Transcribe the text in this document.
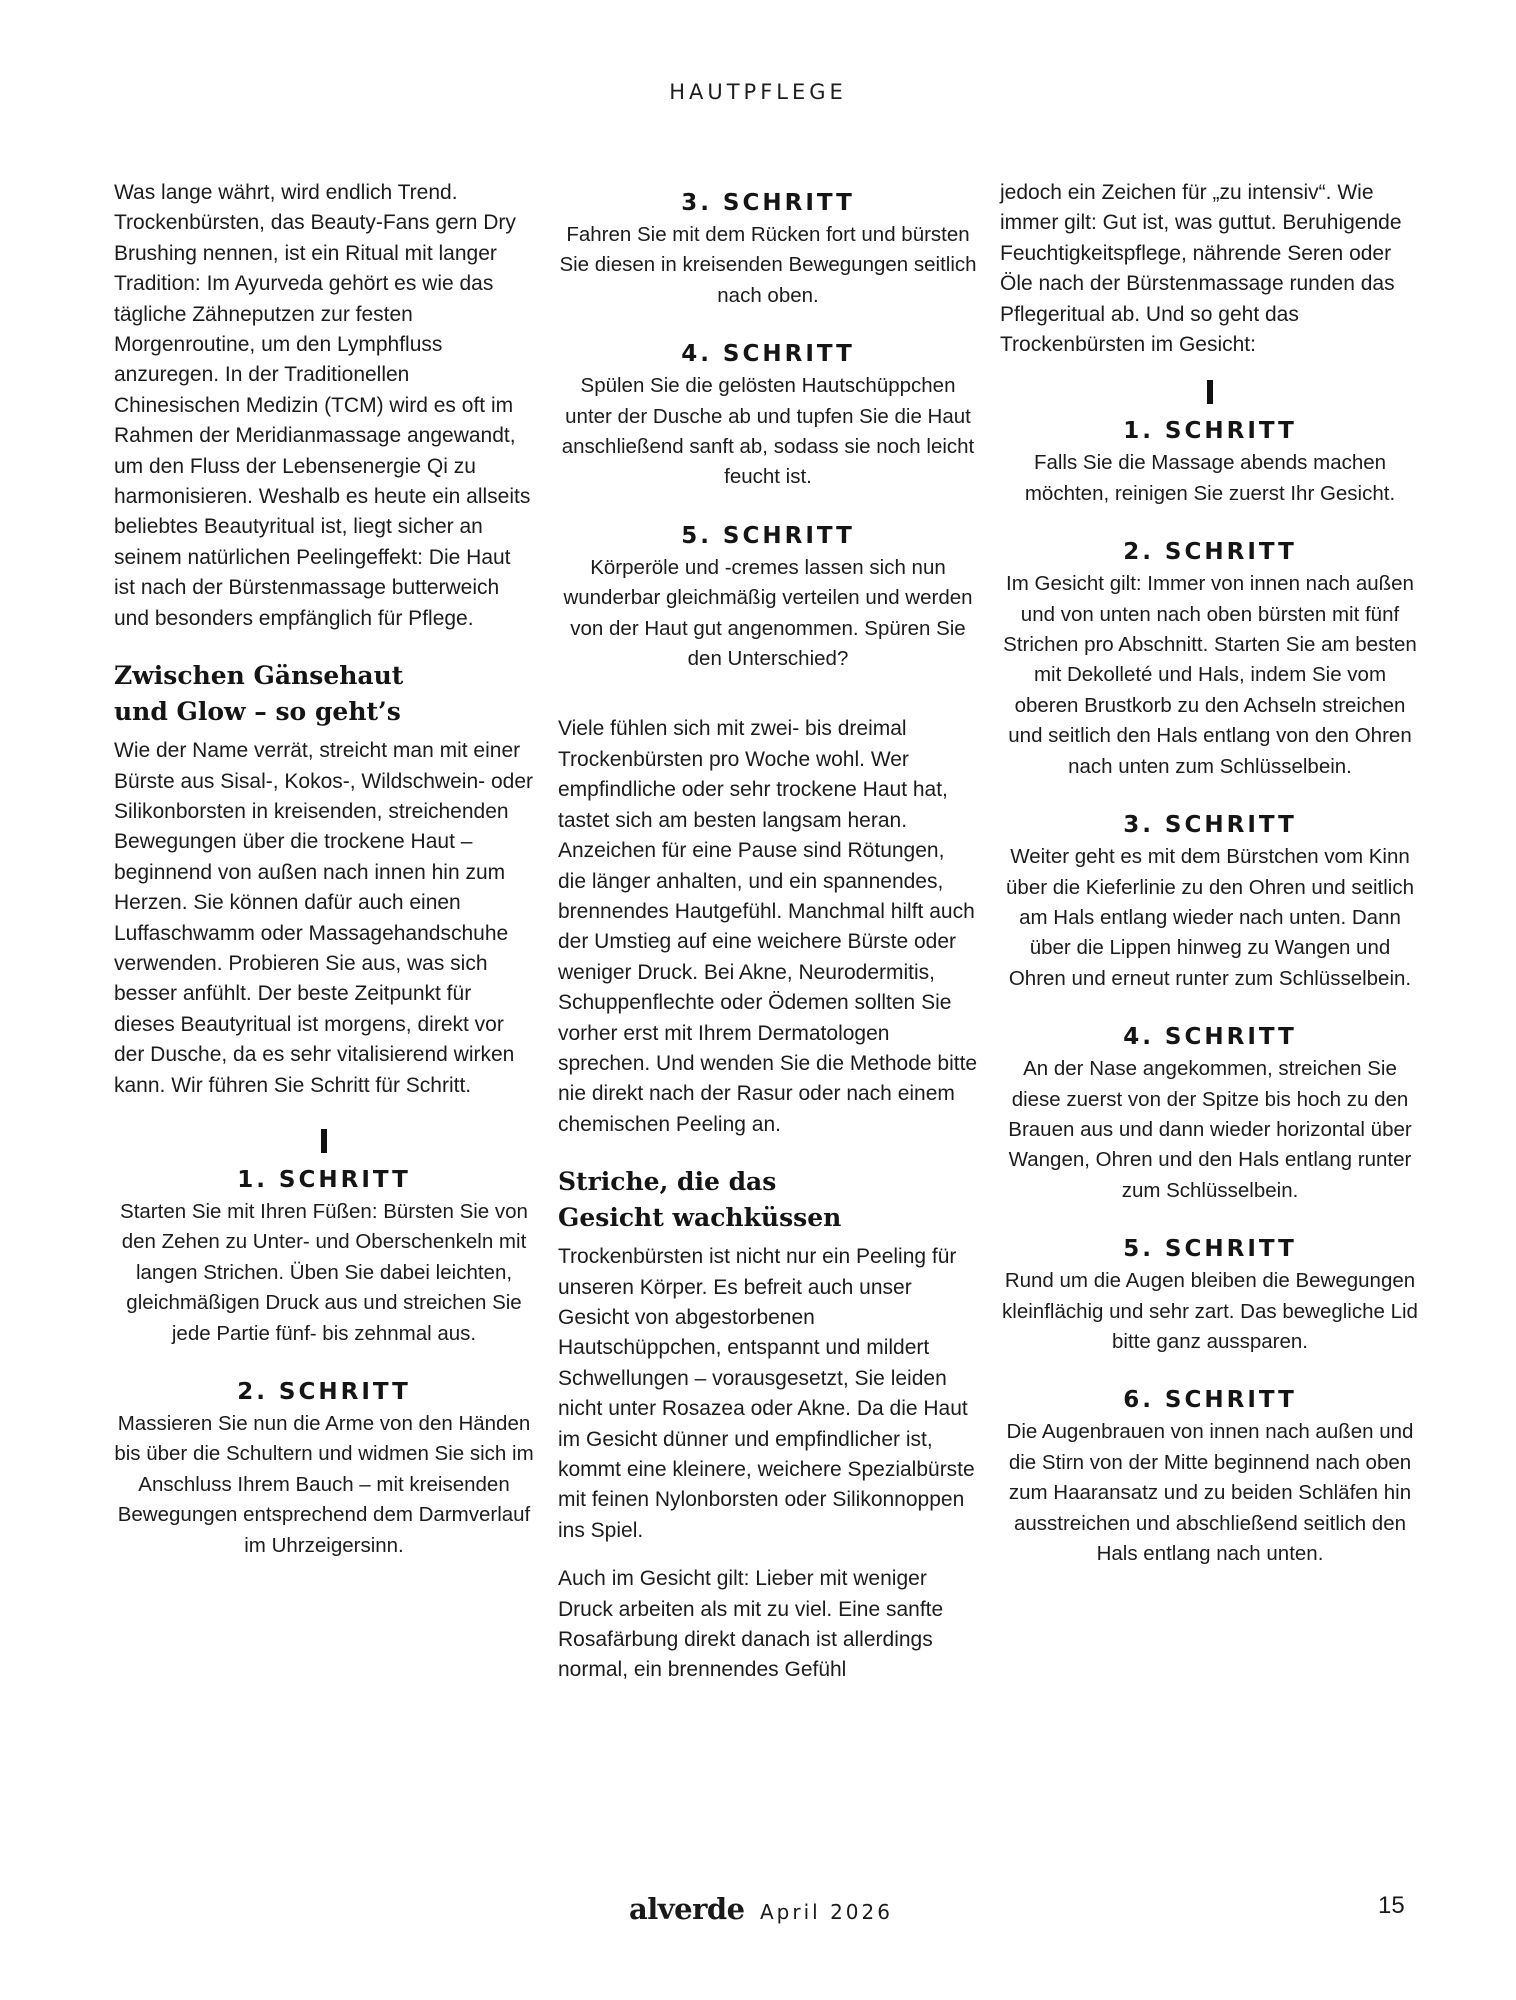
HAUTPFLEGE

Was lange währt, wird endlich Trend. Trockenbürsten, das Beauty-Fans gern Dry Brushing nennen, ist ein Ritual mit langer Tradition: Im Ayurveda gehört es wie das tägliche Zähneputzen zur festen Morgenroutine, um den Lymphfluss anzuregen. In der Traditionellen Chinesischen Medizin (TCM) wird es oft im Rahmen der Meridianmassage angewandt, um den Fluss der Lebensenergie Qi zu harmonisieren. Weshalb es heute ein allseits beliebtes Beautyritual ist, liegt sicher an seinem natürlichen Peelingeffekt: Die Haut ist nach der Bürstenmassage butterweich und besonders empfänglich für Pflege.

Zwischen Gänsehaut
und Glow – so geht’s

Wie der Name verrät, streicht man mit einer Bürste aus Sisal-, Kokos-, Wildschwein- oder Silikonborsten in kreisenden, streichenden Bewegungen über die trockene Haut – beginnend von außen nach innen hin zum Herzen. Sie können dafür auch einen Luffaschwamm oder Massagehandschuhe verwenden. Probieren Sie aus, was sich besser anfühlt. Der beste Zeitpunkt für dieses Beautyritual ist morgens, direkt vor der Dusche, da es sehr vitalisierend wirken kann. Wir führen Sie Schritt für Schritt.

1. SCHRITT

Starten Sie mit Ihren Füßen: Bürsten Sie von den Zehen zu Unter- und Oberschenkeln mit langen Strichen. Üben Sie dabei leichten, gleichmäßigen Druck aus und streichen Sie jede Partie fünf- bis zehnmal aus.

2. SCHRITT

Massieren Sie nun die Arme von den Händen bis über die Schultern und widmen Sie sich im Anschluss Ihrem Bauch – mit kreisenden Bewegungen entsprechend dem Darmverlauf im Uhrzeigersinn.

3. SCHRITT

Fahren Sie mit dem Rücken fort und bürsten Sie diesen in kreisenden Bewegungen seitlich nach oben.

4. SCHRITT

Spülen Sie die gelösten Hautschüppchen unter der Dusche ab und tupfen Sie die Haut anschließend sanft ab, sodass sie noch leicht feucht ist.

5. SCHRITT

Körperöle und -cremes lassen sich nun wunderbar gleichmäßig verteilen und werden von der Haut gut angenommen. Spüren Sie den Unterschied?

Viele fühlen sich mit zwei- bis dreimal Trockenbürsten pro Woche wohl. Wer empfindliche oder sehr trockene Haut hat, tastet sich am besten langsam heran. Anzeichen für eine Pause sind Rötungen, die länger anhalten, und ein spannendes, brennendes Hautgefühl. Manchmal hilft auch der Umstieg auf eine weichere Bürste oder weniger Druck. Bei Akne, Neurodermitis, Schuppenflechte oder Ödemen sollten Sie vorher erst mit Ihrem Dermatologen sprechen. Und wenden Sie die Methode bitte nie direkt nach der Rasur oder nach einem chemischen Peeling an.

Striche, die das
Gesicht wachküssen

Trockenbürsten ist nicht nur ein Peeling für unseren Körper. Es befreit auch unser Gesicht von abgestorbenen Hautschüppchen, entspannt und mildert Schwellungen – vorausgesetzt, Sie leiden nicht unter Rosazea oder Akne. Da die Haut im Gesicht dünner und empfindlicher ist, kommt eine kleinere, weichere Spezialbürste mit feinen Nylonborsten oder Silikonnoppen ins Spiel.

Auch im Gesicht gilt: Lieber mit weniger Druck arbeiten als mit zu viel. Eine sanfte Rosafärbung direkt danach ist allerdings normal, ein brennendes Gefühl

jedoch ein Zeichen für „zu intensiv“. Wie immer gilt: Gut ist, was guttut. Beruhigende Feuchtigkeitspflege, nährende Seren oder Öle nach der Bürstenmassage runden das Pflegeritual ab. Und so geht das Trockenbürsten im Gesicht:

1. SCHRITT

Falls Sie die Massage abends machen möchten, reinigen Sie zuerst Ihr Gesicht.

2. SCHRITT

Im Gesicht gilt: Immer von innen nach außen und von unten nach oben bürsten mit fünf Strichen pro Abschnitt. Starten Sie am besten mit Dekolleté und Hals, indem Sie vom oberen Brustkorb zu den Achseln streichen und seitlich den Hals entlang von den Ohren nach unten zum Schlüsselbein.

3. SCHRITT

Weiter geht es mit dem Bürstchen vom Kinn über die Kieferlinie zu den Ohren und seitlich am Hals entlang wieder nach unten. Dann über die Lippen hinweg zu Wangen und Ohren und erneut runter zum Schlüsselbein.

4. SCHRITT

An der Nase angekommen, streichen Sie diese zuerst von der Spitze bis hoch zu den Brauen aus und dann wieder horizontal über Wangen, Ohren und den Hals entlang runter zum Schlüsselbein.

5. SCHRITT

Rund um die Augen bleiben die Bewegungen kleinflächig und sehr zart. Das bewegliche Lid bitte ganz aussparen.

6. SCHRITT

Die Augenbrauen von innen nach außen und die Stirn von der Mitte beginnend nach oben zum Haaransatz und zu beiden Schläfen hin ausstreichen und abschließend seitlich den Hals entlang nach unten.

alverde April 2026	15
